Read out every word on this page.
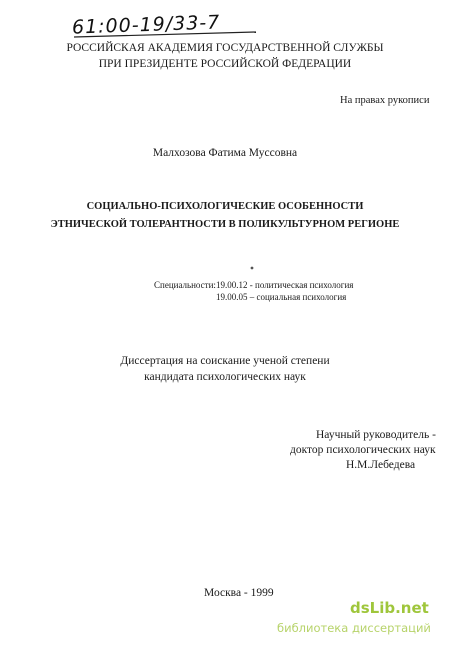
61:00-19/33-7
РОССИЙСКАЯ АКАДЕМИЯ ГОСУДАРСТВЕННОЙ СЛУЖБЫ
ПРИ ПРЕЗИДЕНТЕ РОССИЙСКОЙ ФЕДЕРАЦИИ
На правах рукописи
Малхозова Фатима Муссовна
СОЦИАЛЬНО-ПСИХОЛОГИЧЕСКИЕ ОСОБЕННОСТИ
ЭТНИЧЕСКОЙ ТОЛЕРАНТНОСТИ В ПОЛИКУЛЬТУРНОМ РЕГИОНЕ
Специальности: 19.00.12 - политическая психология
19.00.05 – социальная психология
Диссертация на соискание ученой степени
кандидата психологических наук
Научный руководитель -
доктор психологических наук
Н.М.Лебедева
Москва - 1999
dsLib.net
библиотека диссертаций
